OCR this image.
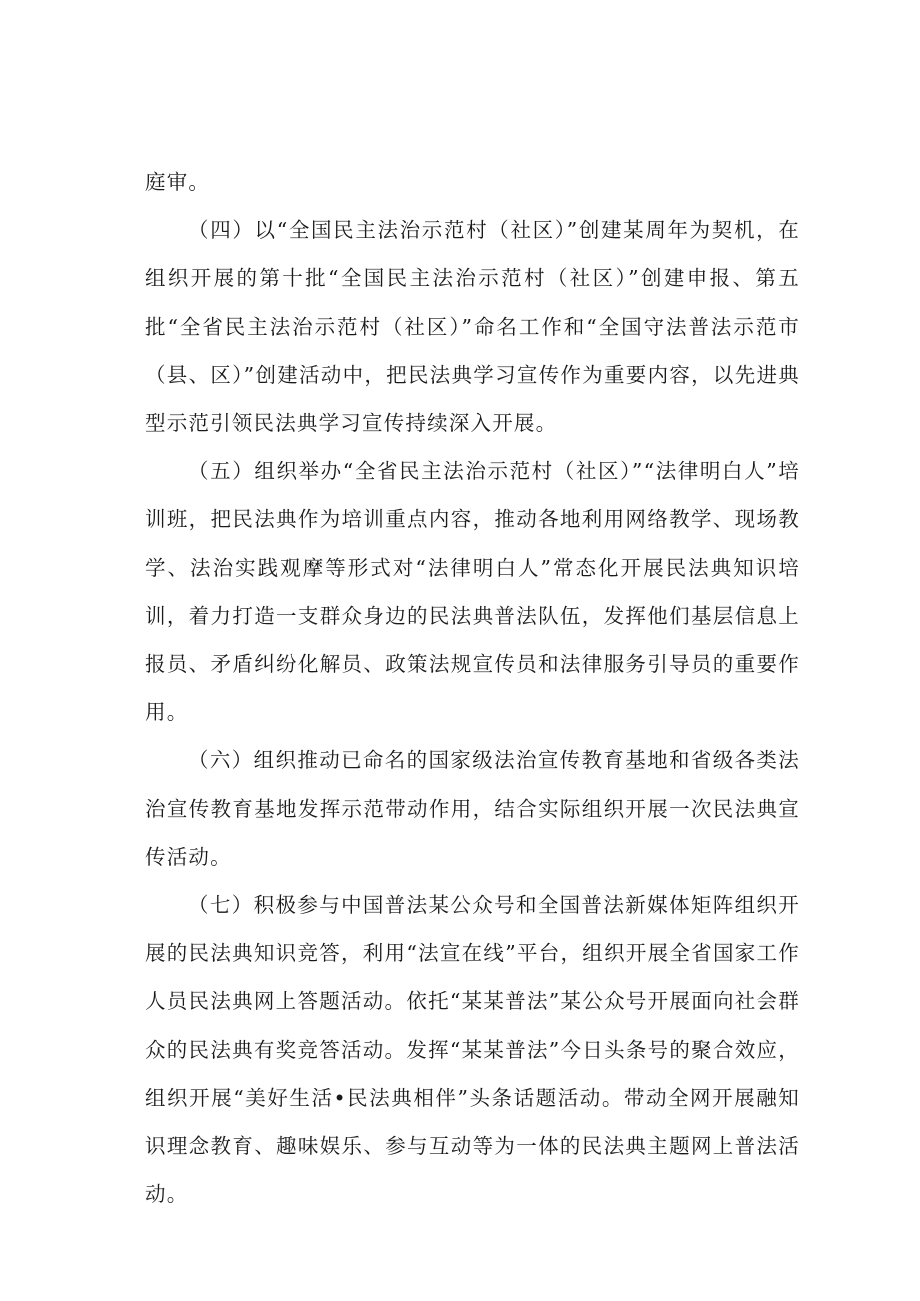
庭审。

（四）以“全国民主法治示范村（社区）”创建某周年为契机，在组织开展的第十批“全国民主法治示范村（社区）”创建申报、第五批“全省民主法治示范村（社区）”命名工作和“全国守法普法示范市（县、区）”创建活动中，把民法典学习宣传作为重要内容，以先进典型示范引领民法典学习宣传持续深入开展。

（五）组织举办“全省民主法治示范村（社区）”“法律明白人”培训班，把民法典作为培训重点内容，推动各地利用网络教学、现场教学、法治实践观摩等形式对“法律明白人”常态化开展民法典知识培训，着力打造一支群众身边的民法典普法队伍，发挥他们基层信息上报员、矛盾纠纷化解员、政策法规宣传员和法律服务引导员的重要作用。

（六）组织推动已命名的国家级法治宣传教育基地和省级各类法治宣传教育基地发挥示范带动作用，结合实际组织开展一次民法典宣传活动。

（七）积极参与中国普法某公众号和全国普法新媒体矩阵组织开展的民法典知识竞答，利用“法宣在线”平台，组织开展全省国家工作人员民法典网上答题活动。依托“某某普法”某公众号开展面向社会群众的民法典有奖竞答活动。发挥“某某普法”今日头条号的聚合效应，组织开展“美好生活•民法典相伴”头条话题活动。带动全网开展融知识理念教育、趣味娱乐、参与互动等为一体的民法典主题网上普法活动。
